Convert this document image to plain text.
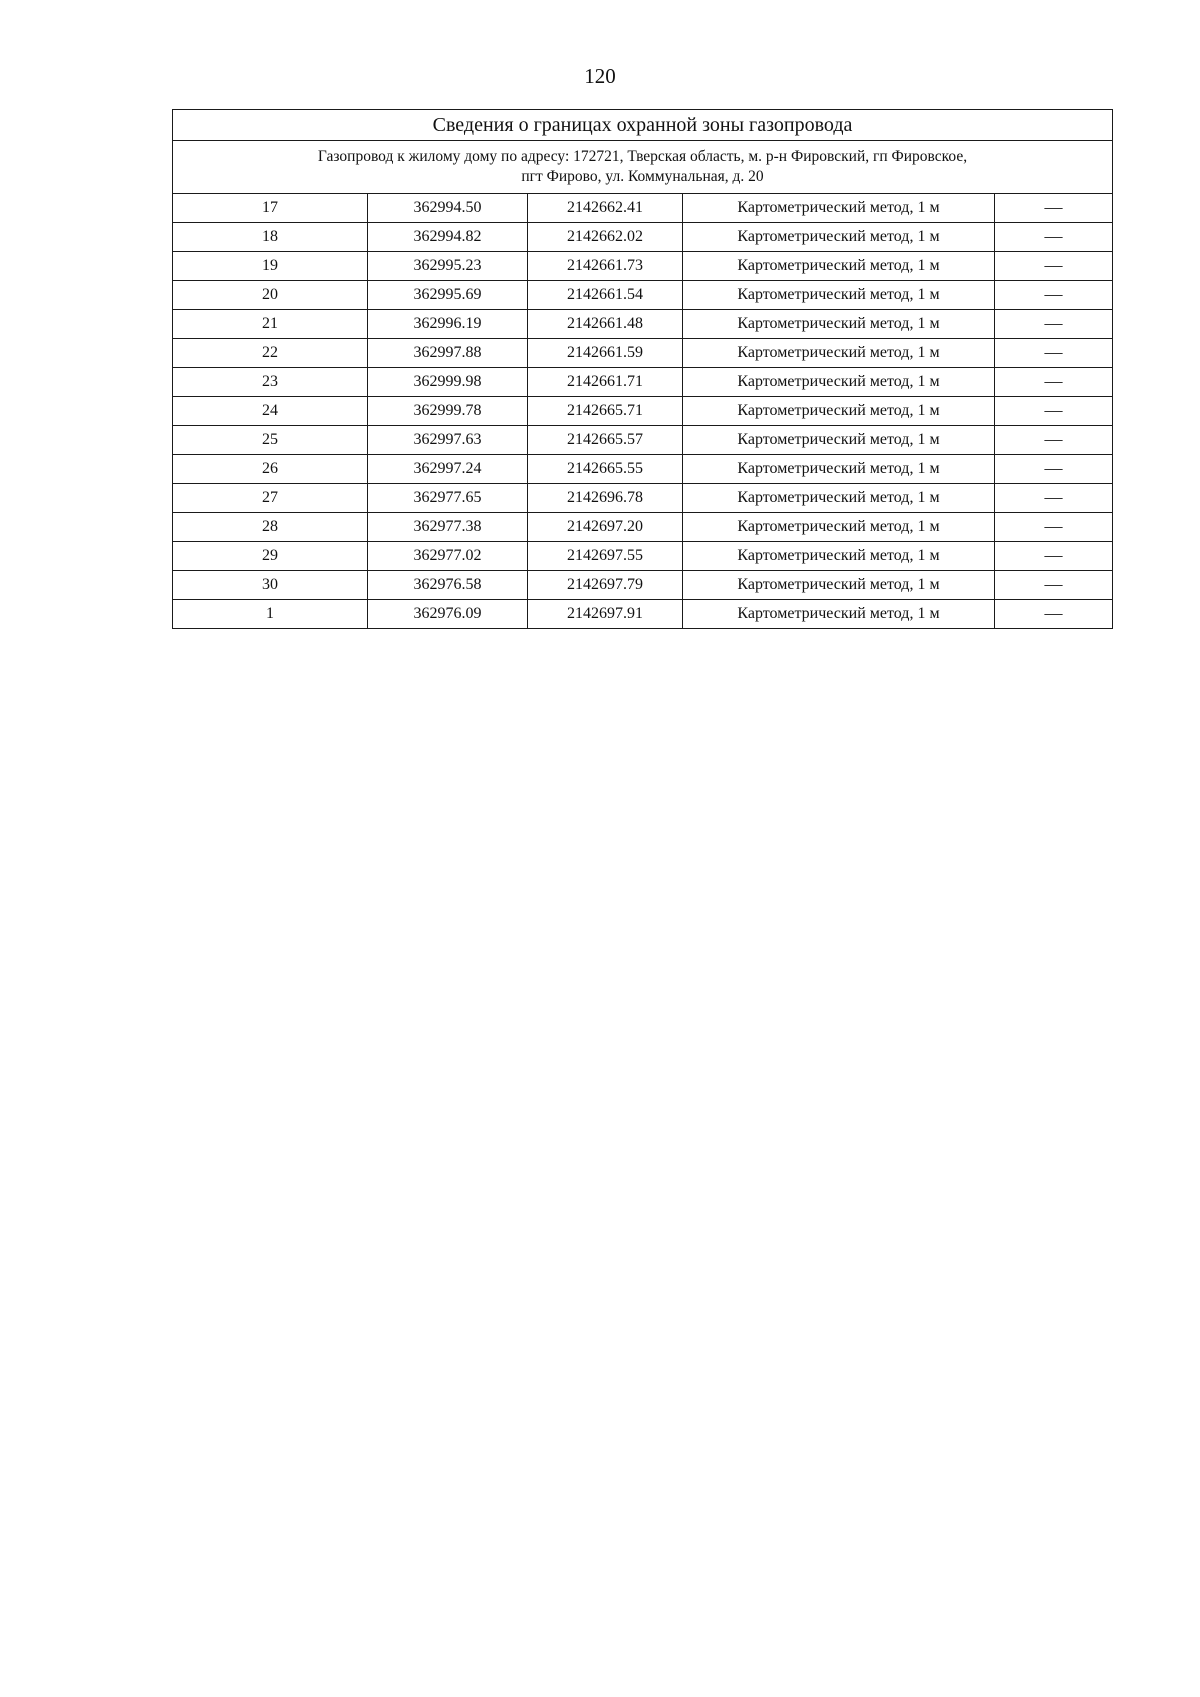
120
Сведения о границах охранной зоны газопровода				

Газопровод к жилому дому по адресу: 172721, Тверская область, м. р-н Фировский, гп Фировское,
пгт Фирово, ул. Коммунальная, д. 20				

17	362994.50	2142662.41	Картометрический метод, 1 м	—
18	362994.82	2142662.02	Картометрический метод, 1 м	—
19	362995.23	2142661.73	Картометрический метод, 1 м	—
20	362995.69	2142661.54	Картометрический метод, 1 м	—
21	362996.19	2142661.48	Картометрический метод, 1 м	—
22	362997.88	2142661.59	Картометрический метод, 1 м	—
23	362999.98	2142661.71	Картометрический метод, 1 м	—
24	362999.78	2142665.71	Картометрический метод, 1 м	—
25	362997.63	2142665.57	Картометрический метод, 1 м	—
26	362997.24	2142665.55	Картометрический метод, 1 м	—
27	362977.65	2142696.78	Картометрический метод, 1 м	—
28	362977.38	2142697.20	Картометрический метод, 1 м	—
29	362977.02	2142697.55	Картометрический метод, 1 м	—
30	362976.58	2142697.79	Картометрический метод, 1 м	—
1	362976.09	2142697.91	Картометрический метод, 1 м	—
